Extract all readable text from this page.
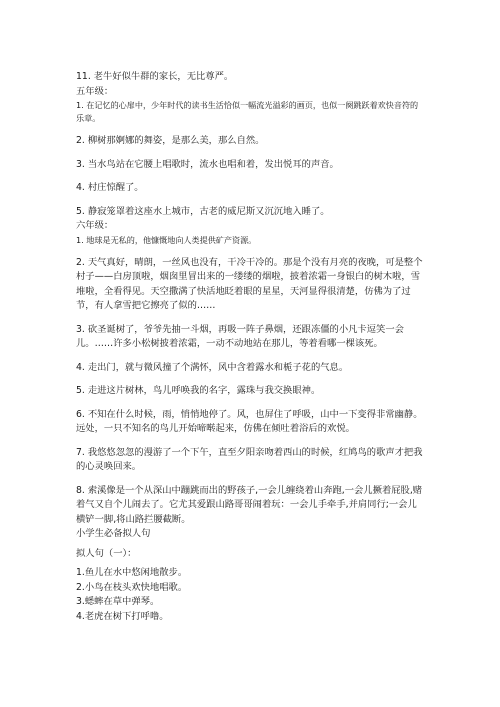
11. 老牛好似牛群的家长，无比尊严。

五年级：

1. 在记忆的心扉中，少年时代的读书生活恰似一幅流光溢彩的画页，也似一阕跳跃着欢快音符的乐章。

2. 柳树那婀娜的舞姿，是那么美，那么自然。

3. 当水鸟站在它腰上唱歌时，流水也唱和着，发出悦耳的声音。

4. 村庄惊醒了。

5. 静寂笼罩着这座水上城市，古老的威尼斯又沉沉地入睡了。

六年级：

1. 地球是无私的，他慷慨地向人类提供矿产资源。

2. 天气真好，晴朗，一丝风也没有，干冷干冷的。那是个没有月亮的夜晚，可是整个村子——白房顶啦，烟囱里冒出来的一缕缕的烟啦，披着浓霜一身银白的树木啦，雪堆啦，全看得见。天空撒满了快活地眨着眼的星星，天河显得很清楚，仿佛为了过节，有人拿雪把它擦亮了似的……

3. 砍圣诞树了，爷爷先抽一斗烟，再吸一阵子鼻烟，还跟冻僵的小凡卡逗笑一会儿。……许多小松树披着浓霜，一动不动地站在那儿，等着看哪一棵该死。

4. 走出门，就与微风撞了个满怀，风中含着露水和栀子花的气息。

5. 走进这片树林，鸟儿呼唤我的名字，露珠与我交换眼神。

6. 不知在什么时候，雨，悄悄地停了。风，也屏住了呼吸，山中一下变得非常幽静。远处，一只不知名的鸟儿开始啼啭起来，仿佛在倾吐着浴后的欢悦。

7. 我悠悠忽忽的漫游了一个下午，直至夕阳亲吻着西山的时候，红鸠鸟的歌声才把我的心灵唤回来。

8. 索溪像是一个从深山中蹦跳而出的野孩子,一会儿缠绕着山奔跑,一会儿撅着屁股,赌着气又自个儿闹去了。它尤其爱跟山路哥哥闹着玩：一会儿手牵手,并肩同行;一会儿横铲一脚,将山路拦腰截断。

小学生必备拟人句

拟人句（一）：

1.鱼儿在水中悠闲地散步。

2.小鸟在枝头欢快地唱歌。

3.蟋蟀在草中弹琴。

4.老虎在树下打呼噜。
